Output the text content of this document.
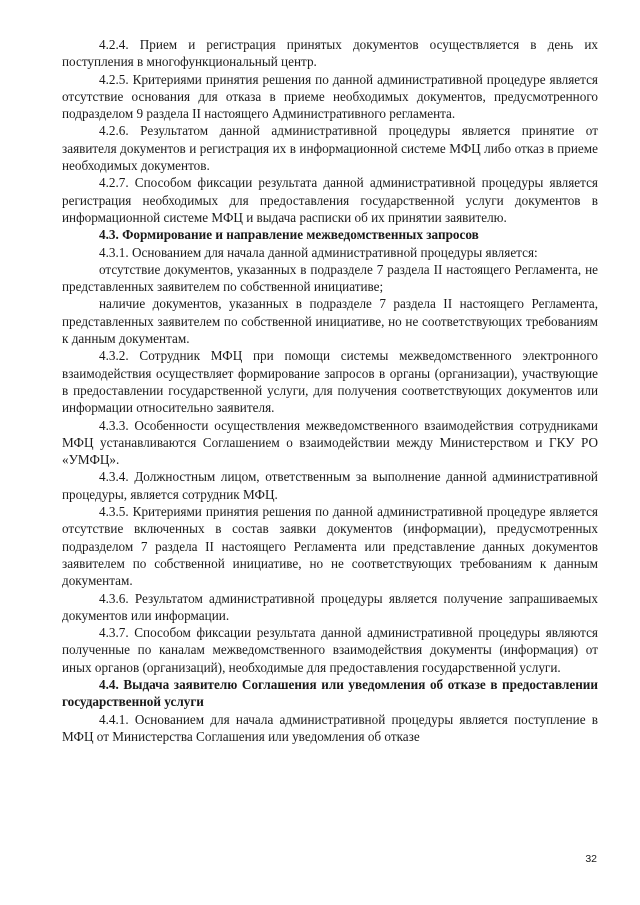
4.2.4. Прием и регистрация принятых документов осуществляется в день их поступления в многофункциональный центр.

4.2.5. Критериями принятия решения по данной административной процедуре является отсутствие основания для отказа в приеме необходимых документов, предусмотренного подразделом 9 раздела II настоящего Административного регламента.

4.2.6. Результатом данной административной процедуры является принятие от заявителя документов и регистрация их в информационной системе МФЦ либо отказ в приеме необходимых документов.

4.2.7. Способом фиксации результата данной административной процедуры является регистрация необходимых для предоставления государственной услуги документов в информационной системе МФЦ и выдача расписки об их принятии заявителю.

4.3. Формирование и направление межведомственных запросов

4.3.1. Основанием для начала данной административной процедуры является:

отсутствие документов, указанных в подразделе 7 раздела II настоящего Регламента, не представленных заявителем по собственной инициативе;

наличие документов, указанных в подразделе 7 раздела II настоящего Регламента, представленных заявителем по собственной инициативе, но не соответствующих требованиям к данным документам.

4.3.2. Сотрудник МФЦ при помощи системы межведомственного электронного взаимодействия осуществляет формирование запросов в органы (организации), участвующие в предоставлении государственной услуги, для получения соответствующих документов или информации относительно заявителя.

4.3.3. Особенности осуществления межведомственного взаимодействия сотрудниками МФЦ устанавливаются Соглашением о взаимодействии между Министерством и ГКУ РО «УМФЦ».

4.3.4. Должностным лицом, ответственным за выполнение данной административной процедуры, является сотрудник МФЦ.

4.3.5. Критериями принятия решения по данной административной процедуре является отсутствие включенных в состав заявки документов (информации), предусмотренных подразделом 7 раздела II настоящего Регламента или представление данных документов заявителем по собственной инициативе, но не соответствующих требованиям к данным документам.

4.3.6. Результатом административной процедуры является получение запрашиваемых документов или информации.

4.3.7. Способом фиксации результата данной административной процедуры являются полученные по каналам межведомственного взаимодействия документы (информация) от иных органов (организаций), необходимые для предоставления государственной услуги.

4.4. Выдача заявителю Соглашения или уведомления об отказе в предоставлении государственной услуги

4.4.1. Основанием для начала административной процедуры является поступление в МФЦ от Министерства Соглашения или уведомления об отказе

32
